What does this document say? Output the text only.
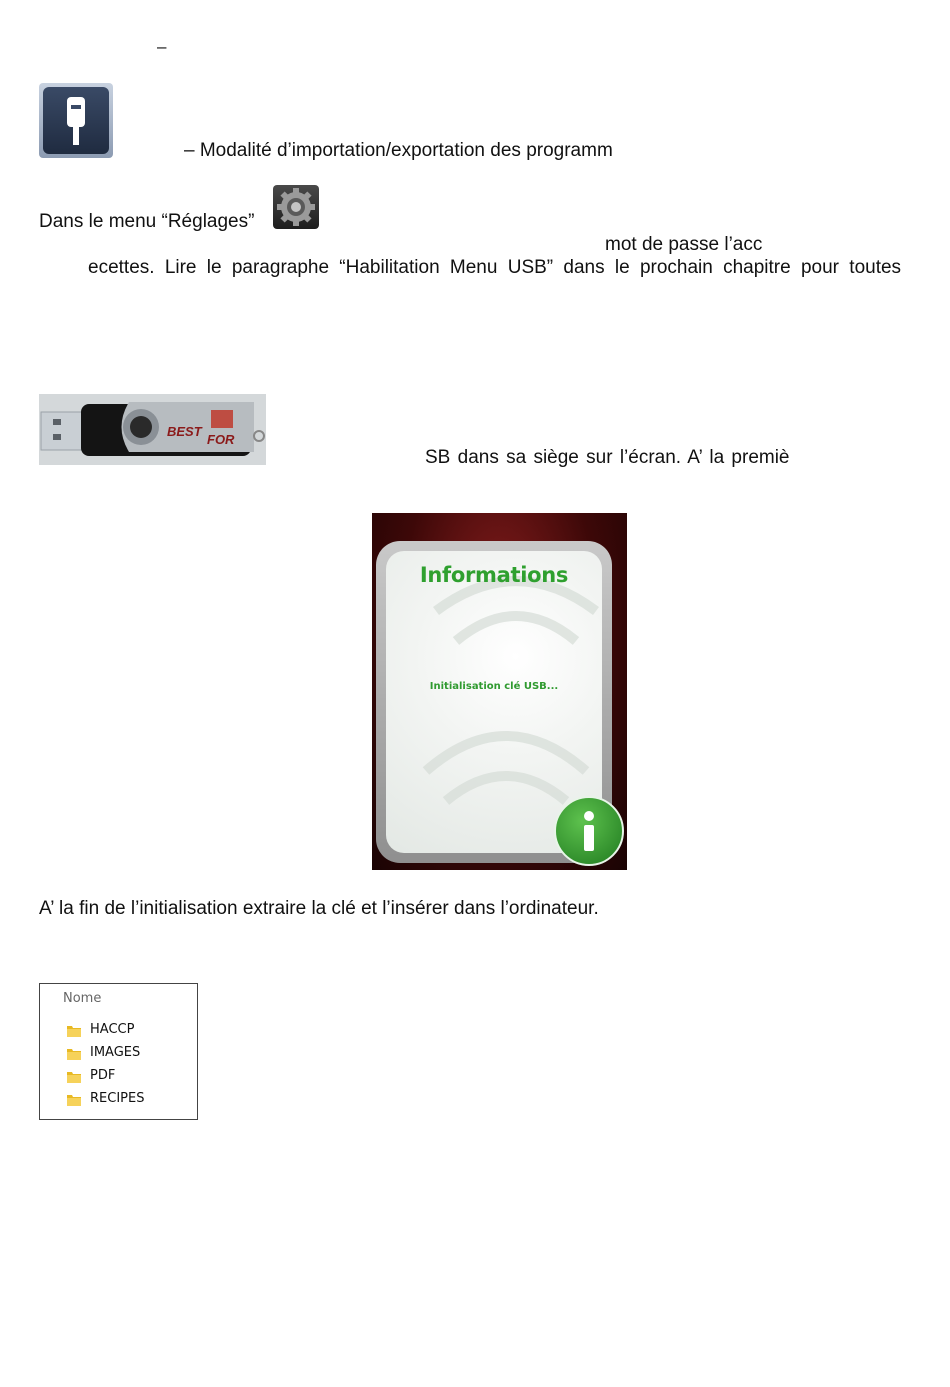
–
– Modalité d’importation/exportation des programm
Dans le menu “Réglages”
mot de passe l’acc
ecettes. Lire le paragraphe “Habilitation Menu USB” dans le prochain chapitre pour toutes
BEST
FOR
SB dans sa siège sur l’écran. A’ la premiè
Informations
Initialisation clé USB...
A’ la fin de l’initialisation extraire la clé et l’insérer dans l’ordinateur.
Nome
HACCP
IMAGES
PDF
RECIPES
